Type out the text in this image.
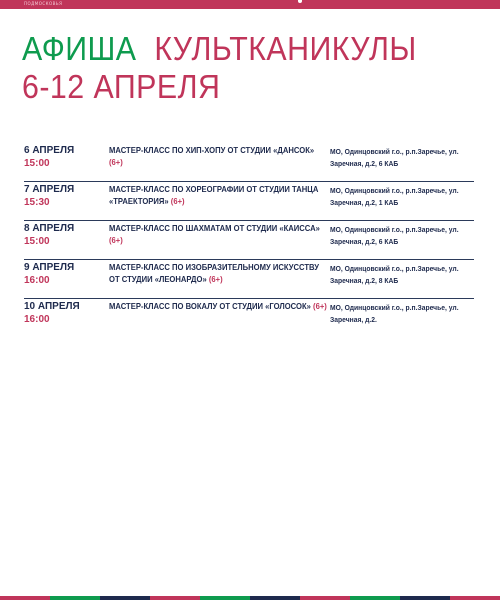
ПОДМОСКОВЬЯ
АФИША КУЛЬТКАНИКУЛЫ
6-12 АПРЕЛЯ
6 АПРЕЛЯ
15:00
МАСТЕР-КЛАСС ПО ХИП-ХОПУ ОТ СТУДИИ «ДАНСОК» (6+)
МО, Одинцовский г.о., р.п.Заречье, ул. Заречная, д.2, 6 КАБ
7 АПРЕЛЯ
15:30
МАСТЕР-КЛАСС ПО ХОРЕОГРАФИИ ОТ СТУДИИ ТАНЦА «ТРАЕКТОРИЯ» (6+)
МО, Одинцовский г.о., р.п.Заречье, ул. Заречная, д.2, 1 КАБ
8 АПРЕЛЯ
15:00
МАСТЕР-КЛАСС ПО ШАХМАТАМ ОТ СТУДИИ «КАИССА» (6+)
МО, Одинцовский г.о., р.п.Заречье, ул. Заречная, д.2, 6 КАБ
9 АПРЕЛЯ
16:00
МАСТЕР-КЛАСС ПО ИЗОБРАЗИТЕЛЬНОМУ ИСКУССТВУ ОТ СТУДИИ «ЛЕОНАРДО» (6+)
МО, Одинцовский г.о., р.п.Заречье, ул. Заречная, д.2, 8 КАБ
10 АПРЕЛЯ
16:00
МАСТЕР-КЛАСС ПО ВОКАЛУ ОТ СТУДИИ «ГОЛОСОК» (6+) МО, Одинцовский г.о., р.п.Заречье, ул. Заречная, д.2.
